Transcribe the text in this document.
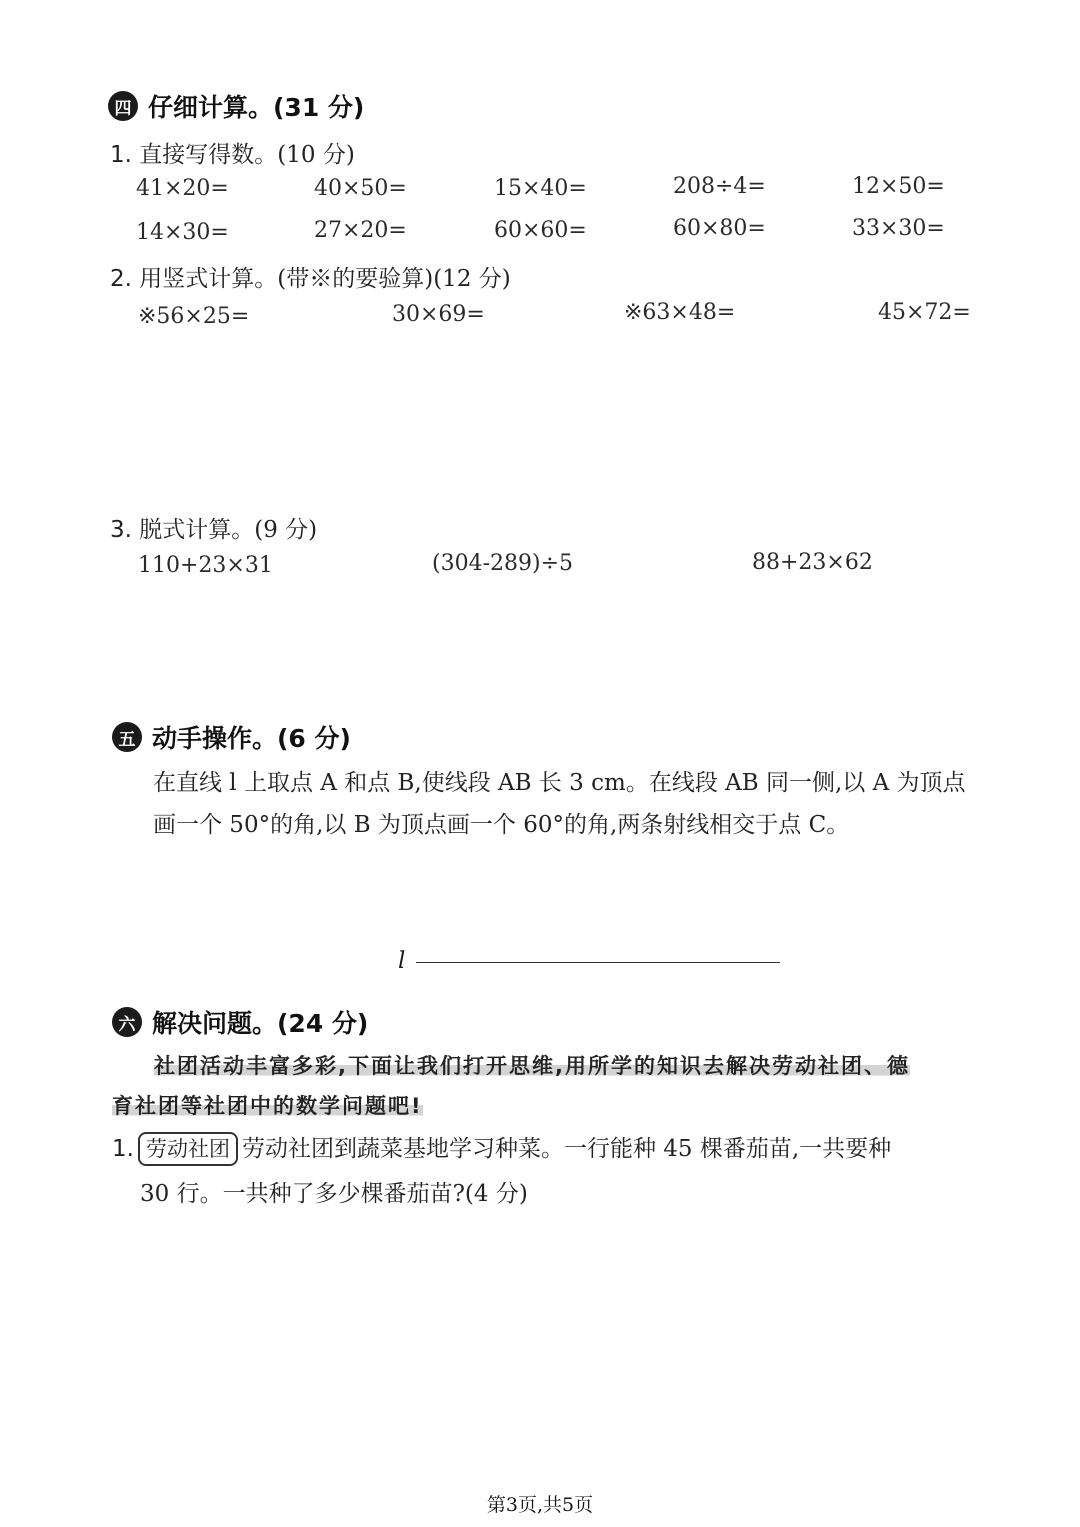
四 仔细计算。(31 分)
1. 直接写得数。(10 分)
41×20=	40×50=	15×40=	208÷4=	12×50=
14×30=	27×20=	60×60=	60×80=	33×30=
2. 用竖式计算。(带※的要验算)(12 分)
※56×25=	30×69=	※63×48=	45×72=
3. 脱式计算。(9 分)
110+23×31	(304-289)÷5	88+23×62
五 动手操作。(6 分)
在直线 l 上取点 A 和点 B,使线段 AB 长 3 cm。在线段 AB 同一侧,以 A 为顶点
画一个 50°的角,以 B 为顶点画一个 60°的角,两条射线相交于点 C。
l
六 解决问题。(24 分)
社团活动丰富多彩,下面让我们打开思维,用所学的知识去解决劳动社团、德
育社团等社团中的数学问题吧!
1. 劳动社团 劳动社团到蔬菜基地学习种菜。一行能种 45 棵番茄苗,一共要种
30 行。一共种了多少棵番茄苗?(4 分)
第3页,共5页
